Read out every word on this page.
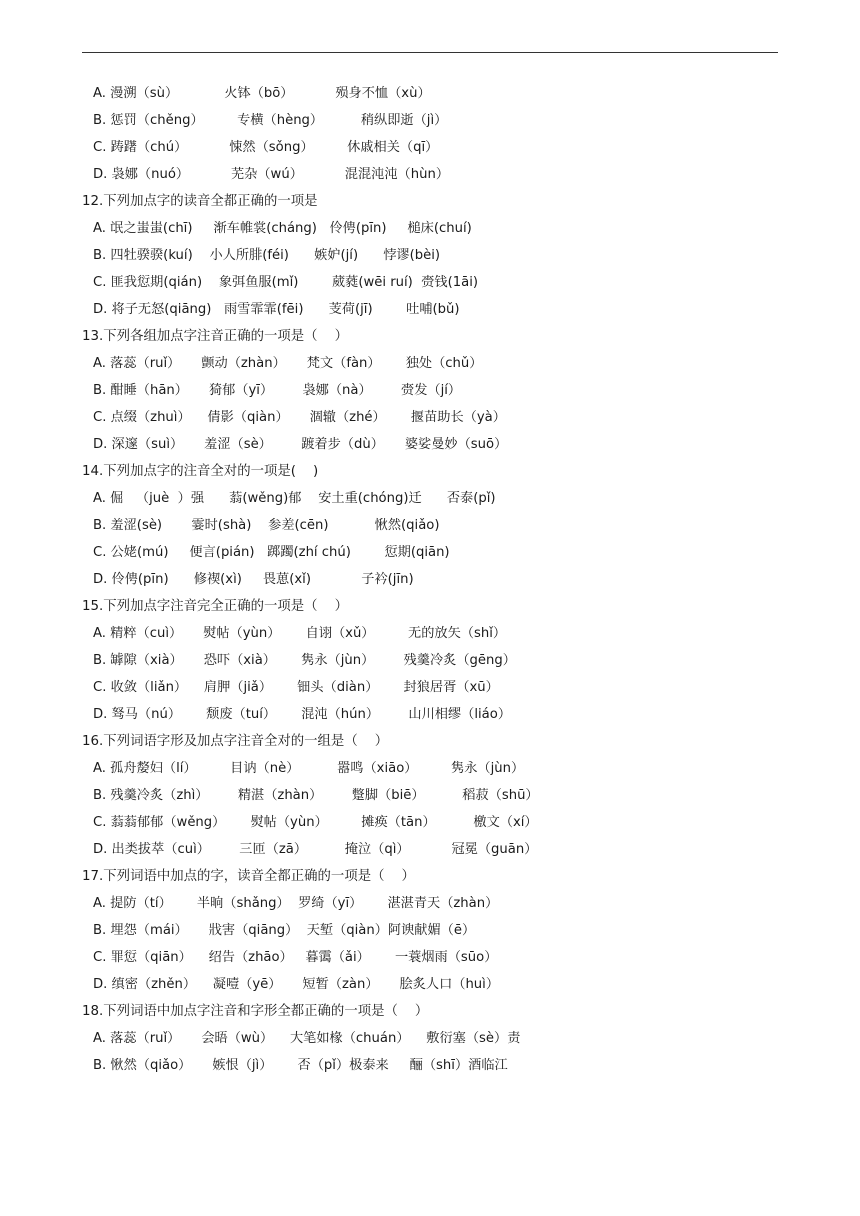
A. 漫溯（sù）           火钵（bō）          殒身不恤（xù）
B. 惩罚（chěng）        专横（hèng）         稍纵即逝（jì）
C. 踌躇（chú）          悚然（sǒng）        休戚相关（qī）
D. 袅娜（nuó）          芜杂（wú）          混混沌沌（hùn）
12.下列加点字的读音全都正确的一项是
A. 氓之蚩蚩(chī)     渐车帷裳(cháng)   伶俜(pīn)     槌床(chuí)
B. 四牡骙骙(kuí)    小人所腓(féi)      嫉妒(jí)      悖谬(bèi)
C. 匪我愆期(qián)    象弭鱼服(mǐ)        葳蕤(wēi ruí)  赍钱(1āi)
D. 将子无怒(qiāng)   雨雪霏霏(fēi)      芰荷(jī)        吐哺(bǔ)
13.下列各组加点字注音正确的一项是（    ）
A. 落蕊（ruǐ）     颤动（zhàn）     梵文（fàn）      独处（chǔ）
B. 酣睡（hān）     猗郁（yī）       袅娜（nà）       赍发（jí）
C. 点缀（zhuì）    倩影（qiàn）     涸辙（zhé）      揠苗助长（yà）
D. 深邃（suì）     羞涩（sè）       踱着步（dù）     婆娑曼妙（suō）
14.下列加点字的注音全对的一项是(    )
A. 倔   （juè  ）强      蓊(wěng)郁    安土重(chóng)迁      否泰(pǐ)
B. 羞涩(sè)       霎时(shà)    参差(cēn)           愀然(qiǎo)
C. 公姥(mú)     便言(pián)   踯躅(zhí chú)        愆期(qiān)
D. 伶俜(pīn)      修禊(xì)     畏葸(xǐ)            子衿(jīn)
15.下列加点字注音完全正确的一项是（    ）
A. 精粹（cuì）     熨帖（yùn）      自诩（xǔ）        无的放矢（shǐ）
B. 罅隙（xià）     恐吓（xià）      隽永（jùn）       残羹冷炙（gēng）
C. 收敛（liǎn）    肩胛（jiǎ）      钿头（diàn）      封狼居胥（xū）
D. 驽马（nú）      颓废（tuí）      混沌（hún）       山川相缪（liáo）
16.下列词语字形及加点字注音全对的一组是（    ）
A. 孤舟嫠妇（lí）        目讷（nè）         嚣鸣（xiāo）        隽永（jùn）
B. 残羹冷炙（zhì）       精湛（zhàn）       蹩脚（biē）         稻菽（shū）
C. 蓊蓊郁郁（wěng）      熨帖（yùn）        摊痪（tān）         檄文（xí）
D. 出类拔萃（cuì）       三匝（zā）         掩泣（qì）          冠冕（guān）
17.下列词语中加点的字，读音全都正确的一项是（    ）
A. 提防（tí）      半晌（shǎng）  罗绮（yī）      湛湛青天（zhàn）
B. 埋怨（mái）     戕害（qiāng）  天堑（qiàn）阿谀献媚（ē）
C. 罪愆（qiān）    绍告（zhāo）   暮霭（ǎi）      一蓑烟雨（sūo）
D. 缜密（zhěn）    凝噎（yē）     短暂（zàn）     脍炙人口（huì）
18.下列词语中加点字注音和字形全都正确的一项是（    ）
A. 落蕊（ruǐ）     会晤（wù）    大笔如椽（chuán）    敷衍塞（sè）责
B. 愀然（qiǎo）     嫉恨（jì）      否（pǐ）极泰来     酾（shī）酒临江
